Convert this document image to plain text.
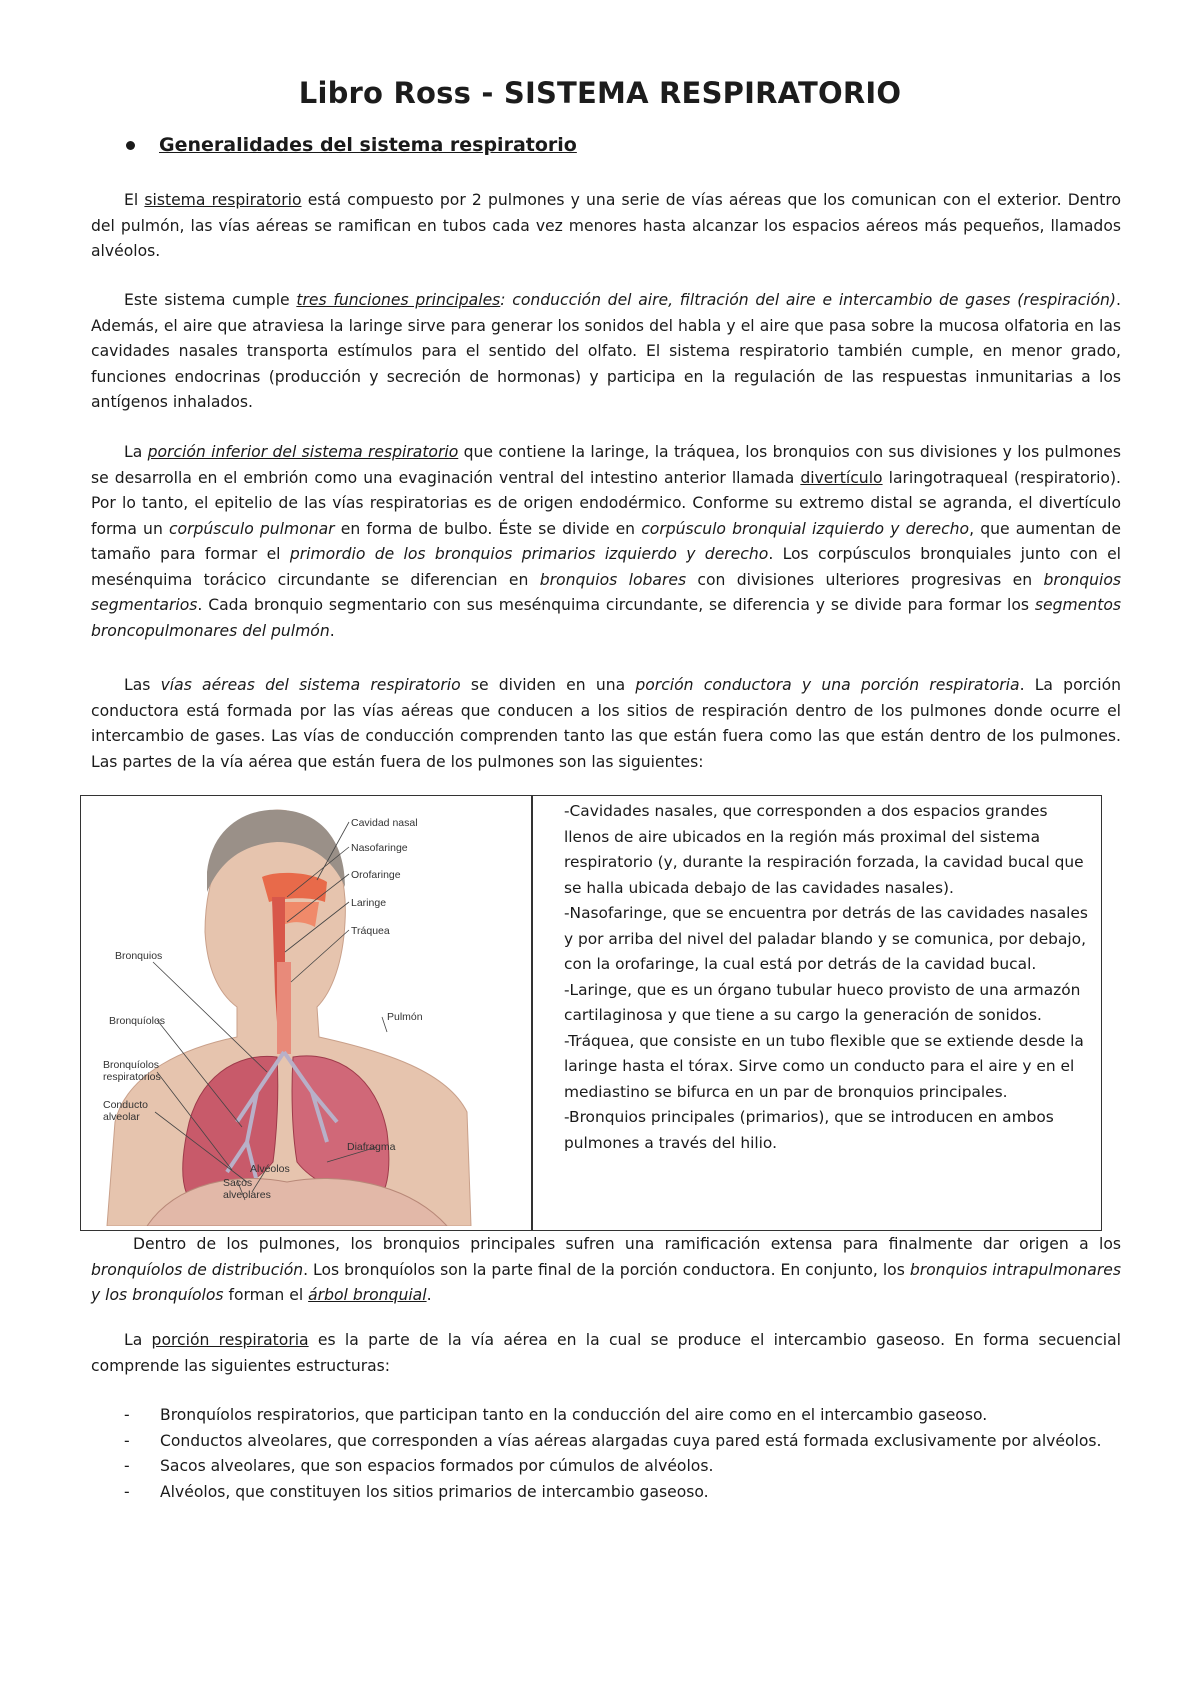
Libro Ross - SISTEMA RESPIRATORIO
Generalidades del sistema respiratorio
El sistema respiratorio está compuesto por 2 pulmones y una serie de vías aéreas que los comunican con el exterior. Dentro del pulmón, las vías aéreas se ramifican en tubos cada vez menores hasta alcanzar los espacios aéreos más pequeños, llamados alvéolos.
Este sistema cumple tres funciones principales: conducción del aire, filtración del aire e intercambio de gases (respiración). Además, el aire que atraviesa la laringe sirve para generar los sonidos del habla y el aire que pasa sobre la mucosa olfatoria en las cavidades nasales transporta estímulos para el sentido del olfato. El sistema respiratorio también cumple, en menor grado, funciones endocrinas (producción y secreción de hormonas) y participa en la regulación de las respuestas inmunitarias a los antígenos inhalados.
La porción inferior del sistema respiratorio que contiene la laringe, la tráquea, los bronquios con sus divisiones y los pulmones se desarrolla en el embrión como una evaginación ventral del intestino anterior llamada divertículo laringotraqueal (respiratorio). Por lo tanto, el epitelio de las vías respiratorias es de origen endodérmico. Conforme su extremo distal se agranda, el divertículo forma un corpúsculo pulmonar en forma de bulbo. Éste se divide en corpúsculo bronquial izquierdo y derecho, que aumentan de tamaño para formar el primordio de los bronquios primarios izquierdo y derecho. Los corpúsculos bronquiales junto con el mesénquima torácico circundante se diferencian en bronquios lobares con divisiones ulteriores progresivas en bronquios segmentarios. Cada bronquio segmentario con sus mesénquima circundante, se diferencia y se divide para formar los segmentos broncopulmonares del pulmón.
Las vías aéreas del sistema respiratorio se dividen en una porción conductora y una porción respiratoria. La porción conductora está formada por las vías aéreas que conducen a los sitios de respiración dentro de los pulmones donde ocurre el intercambio de gases. Las vías de conducción comprenden tanto las que están fuera como las que están dentro de los pulmones. Las partes de la vía aérea que están fuera de los pulmones son las siguientes:
Cavidad nasal
Nasofaringe
Orofaringe
Laringe
Tráquea
Bronquios
Bronquíolos	Pulmón
Bronquíolos
respiratorios
Conducto
alveolar
Diafragma
Alvéolos
Sacos
alveolares
-Cavidades nasales, que corresponden a dos espacios grandes llenos de aire ubicados en la región más proximal del sistema respiratorio (y, durante la respiración forzada, la cavidad bucal que se halla ubicada debajo de las cavidades nasales).
-Nasofaringe, que se encuentra por detrás de las cavidades nasales y por arriba del nivel del paladar blando y se comunica, por debajo, con la orofaringe, la cual está por detrás de la cavidad bucal.
-Laringe, que es un órgano tubular hueco provisto de una armazón cartilaginosa y que tiene a su cargo la generación de sonidos.
-Tráquea, que consiste en un tubo flexible que se extiende desde la laringe hasta el tórax. Sirve como un conducto para el aire y en el mediastino se bifurca en un par de bronquios principales.
-Bronquios principales (primarios), que se introducen en ambos pulmones a través del hilio.
Dentro de los pulmones, los bronquios principales sufren una ramificación extensa para finalmente dar origen a los bronquíolos de distribución. Los bronquíolos son la parte final de la porción conductora. En conjunto, los bronquios intrapulmonares y los bronquíolos forman el árbol bronquial.
La porción respiratoria es la parte de la vía aérea en la cual se produce el intercambio gaseoso. En forma secuencial comprende las siguientes estructuras:
- Bronquíolos respiratorios, que participan tanto en la conducción del aire como en el intercambio gaseoso.
- Conductos alveolares, que corresponden a vías aéreas alargadas cuya pared está formada exclusivamente por alvéolos.
- Sacos alveolares, que son espacios formados por cúmulos de alvéolos.
- Alvéolos, que constituyen los sitios primarios de intercambio gaseoso.
